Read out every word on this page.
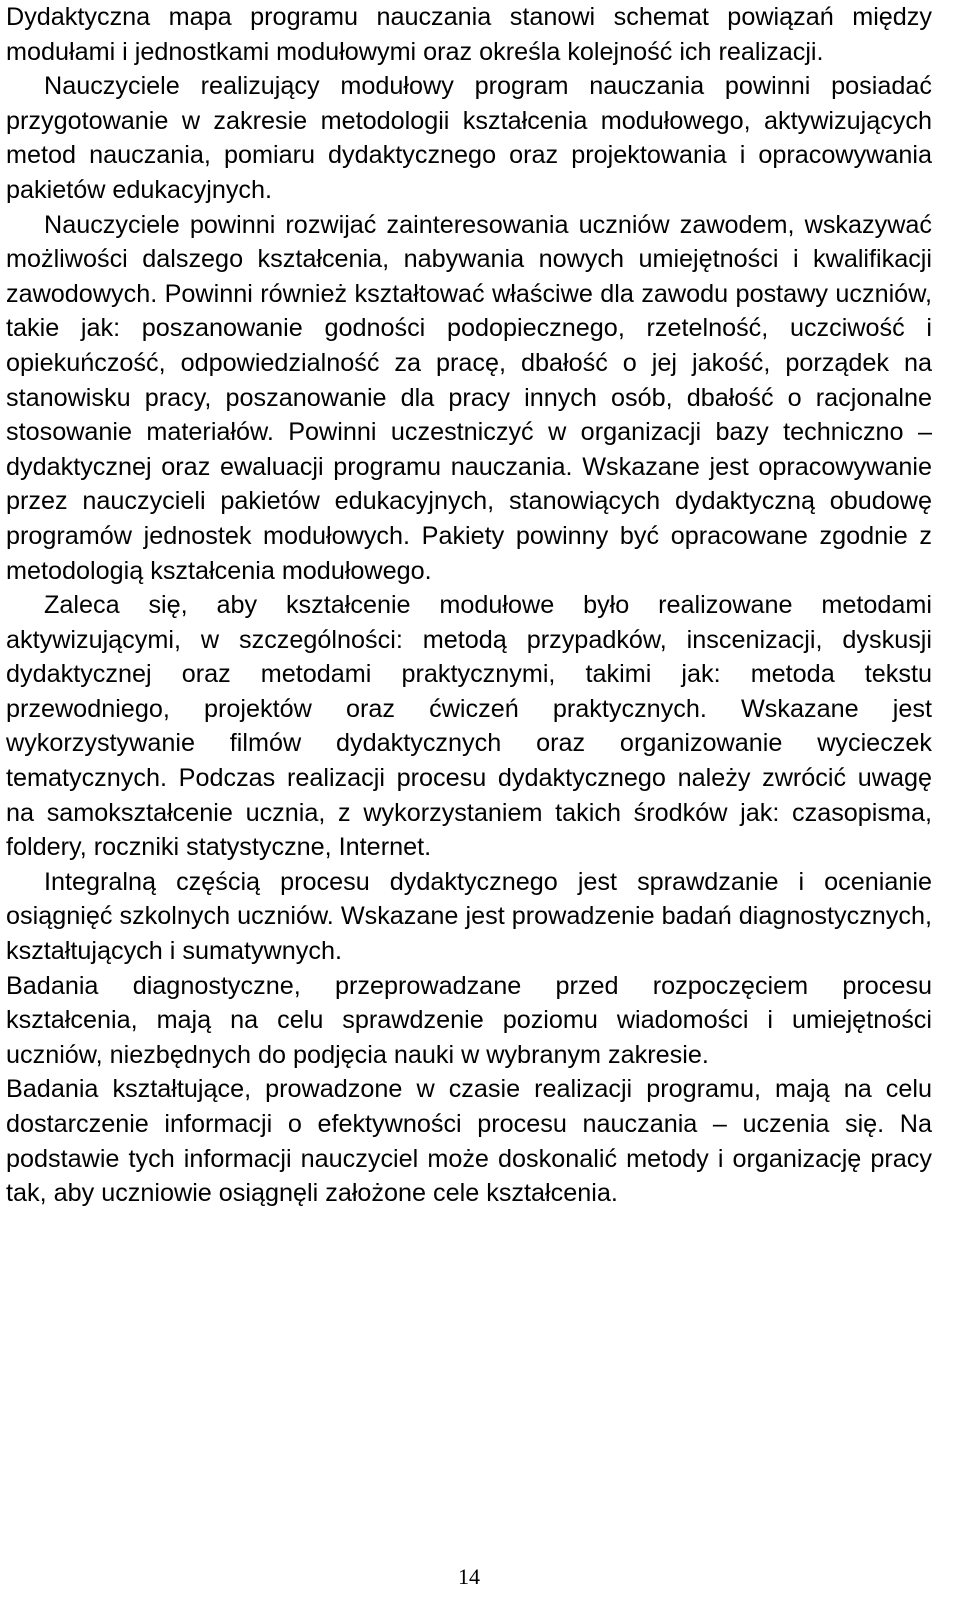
Dydaktyczna mapa programu nauczania stanowi schemat powiązań między modułami i jednostkami modułowymi oraz określa kolejność ich realizacji.

Nauczyciele realizujący modułowy program nauczania powinni posiadać przygotowanie w zakresie metodologii kształcenia modułowego, aktywizujących metod nauczania, pomiaru dydaktycznego oraz projektowania i opracowywania pakietów edukacyjnych.

Nauczyciele powinni rozwijać zainteresowania uczniów zawodem, wskazywać możliwości dalszego kształcenia, nabywania nowych umiejętności i kwalifikacji zawodowych. Powinni również kształtować właściwe dla zawodu postawy uczniów, takie jak: poszanowanie godności podopiecznego, rzetelność, uczciwość i opiekuńczość, odpowiedzialność za pracę, dbałość o jej jakość, porządek na stanowisku pracy, poszanowanie dla pracy innych osób, dbałość o racjonalne stosowanie materiałów. Powinni uczestniczyć w organizacji bazy techniczno – dydaktycznej oraz ewaluacji programu nauczania. Wskazane jest opracowywanie przez nauczycieli pakietów edukacyjnych, stanowiących dydaktyczną obudowę programów jednostek modułowych. Pakiety powinny być opracowane zgodnie z metodologią kształcenia modułowego.

Zaleca się, aby kształcenie modułowe było realizowane metodami aktywizującymi, w szczególności: metodą przypadków, inscenizacji, dyskusji dydaktycznej oraz metodami praktycznymi, takimi jak: metoda tekstu przewodniego, projektów oraz ćwiczeń praktycznych. Wskazane jest wykorzystywanie filmów dydaktycznych oraz organizowanie wycieczek tematycznych. Podczas realizacji procesu dydaktycznego należy zwrócić uwagę na samokształcenie ucznia, z wykorzystaniem takich środków jak: czasopisma, foldery, roczniki statystyczne, Internet.

Integralną częścią procesu dydaktycznego jest sprawdzanie i ocenianie osiągnięć szkolnych uczniów. Wskazane jest prowadzenie badań diagnostycznych, kształtujących i sumatywnych.

Badania diagnostyczne, przeprowadzane przed rozpoczęciem procesu kształcenia, mają na celu sprawdzenie poziomu wiadomości i umiejętności uczniów, niezbędnych do podjęcia nauki w wybranym zakresie.

Badania kształtujące, prowadzone w czasie realizacji programu, mają na celu dostarczenie informacji o efektywności procesu nauczania – uczenia się. Na podstawie tych informacji nauczyciel może doskonalić metody i organizację pracy tak, aby uczniowie osiągnęli założone cele kształcenia.

14
